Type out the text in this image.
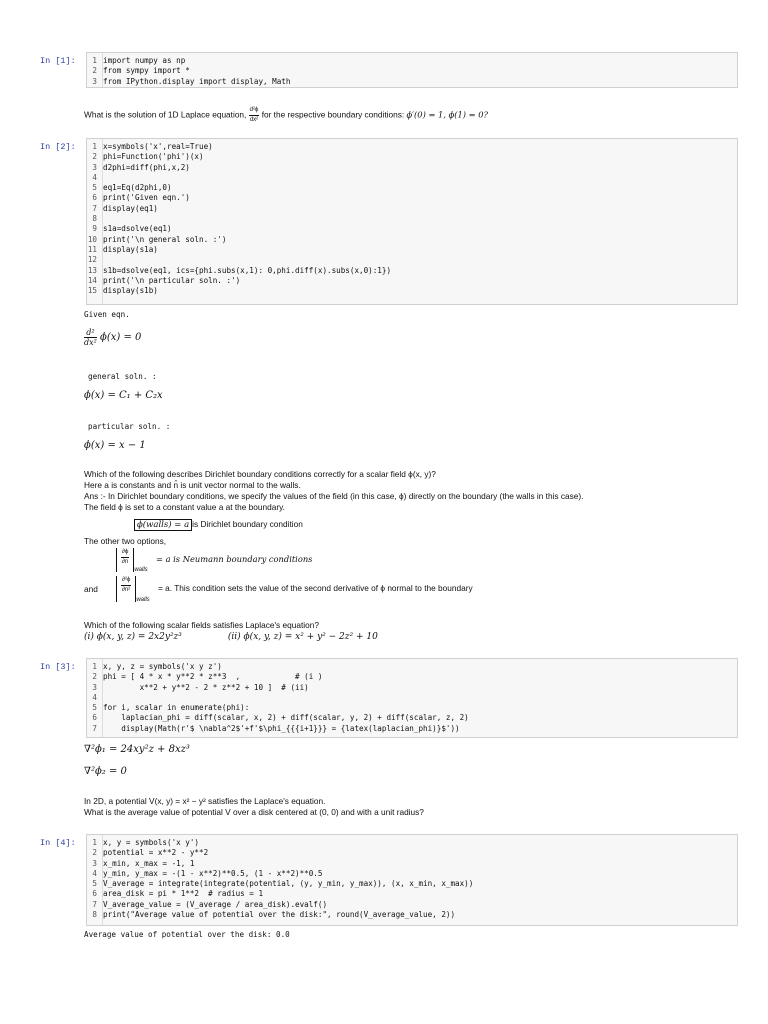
In [1]:	1 import numpy as np
2 from sympy import *
3 from IPython.display import display, Math
What is the solution of 1D Laplace equation, $\frac{\text{d²ϕ}}{\text{dx²}}$ for the respective boundary conditions: ϕ′(0) = 1, ϕ(1) = 0?
In [2]:	1 x=symbols('x',real=True)
2 phi=Function('phi')(x)
3 d2phi=diff(phi,x,2)
4
5 eq1=Eq(d2phi,0)
6 print('Given eqn.')
7 display(eq1)
8
9 s1a=dsolve(eq1)
10 print('\n general soln. :')
11 display(s1a)
12
13 s1b=dsolve(eq1, ics={phi.subs(x,1): 0,phi.diff(x).subs(x,0):1})
14 print('\n particular soln. :')
15 display(s1b)
Given eqn.
$\frac{\text{d²}}{\text{dx²}} \phi(x) = 0$
general soln. :
ϕ(x) = C₁ + C₂x
particular soln. :
ϕ(x) = x − 1
Which of the following describes Dirichlet boundary conditions correctly for a scalar field ϕ(x, y)?
Here a is constants and n̂ is unit vector normal to the walls.
Ans :- In Dirichlet boundary conditions, we specify the values of the field (in this case, ϕ) directly on the boundary (the walls in this case).
The field ϕ is set to a constant value a at the boundary.
ϕ(walls) = a is Dirichlet boundary condition
The other two options,
$\frac{\partial\phi}{\partial n̂}$
$_{walls}$ = a is Neumann boundary conditions
and	$\frac{\text{∂²ϕ}}{\text{∂n̂²}}$
$_{walls}$ = a. This condition sets the value of the second derivative of ϕ normal to the boundary
Which of the following scalar fields satisfies Laplace's equation?
(i) ϕ(x, y, z) = 2x2y²z³	(ii) ϕ(x, y, z) = x² + y² − 2z² + 10
In [3]:	1 x, y, z = symbols('x y z')
2 phi = [ 4 * x * y**2 * z**3  ,            # (i )
3        x**2 + y**2 - 2 * z**2 + 10 ]  # (ii)
4
5 for i, scalar in enumerate(phi):
6    laplacian_phi = diff(scalar, x, 2) + diff(scalar, y, 2) + diff(scalar, z, 2)
7    display(Math(r'$ \nabla^2$'+f'$\phi_{{{i+1}}} = {latex(laplacian_phi)}$'))
∇²ϕ₁ = 24xy²z + 8xz³
∇²ϕ₂ = 0
In 2D, a potential V(x, y) = x² − y² satisfies the Laplace's equation.
What is the average value of potential V over a disk centered at (0, 0) and with a unit radius?
In [4]:	1 x, y = symbols('x y')
2 potential = x**2 - y**2
3 x_min, x_max = -1, 1
4 y_min, y_max = -(1 - x**2)**0.5, (1 - x**2)**0.5
5 V_average = integrate(integrate(potential, (y, y_min, y_max)), (x, x_min, x_max))
6 area_disk = pi * 1**2  # radius = 1
7 V_average_value = (V_average / area_disk).evalf()
8 print("Average value of potential over the disk:", round(V_average_value, 2))
Average value of potential over the disk: 0.0
